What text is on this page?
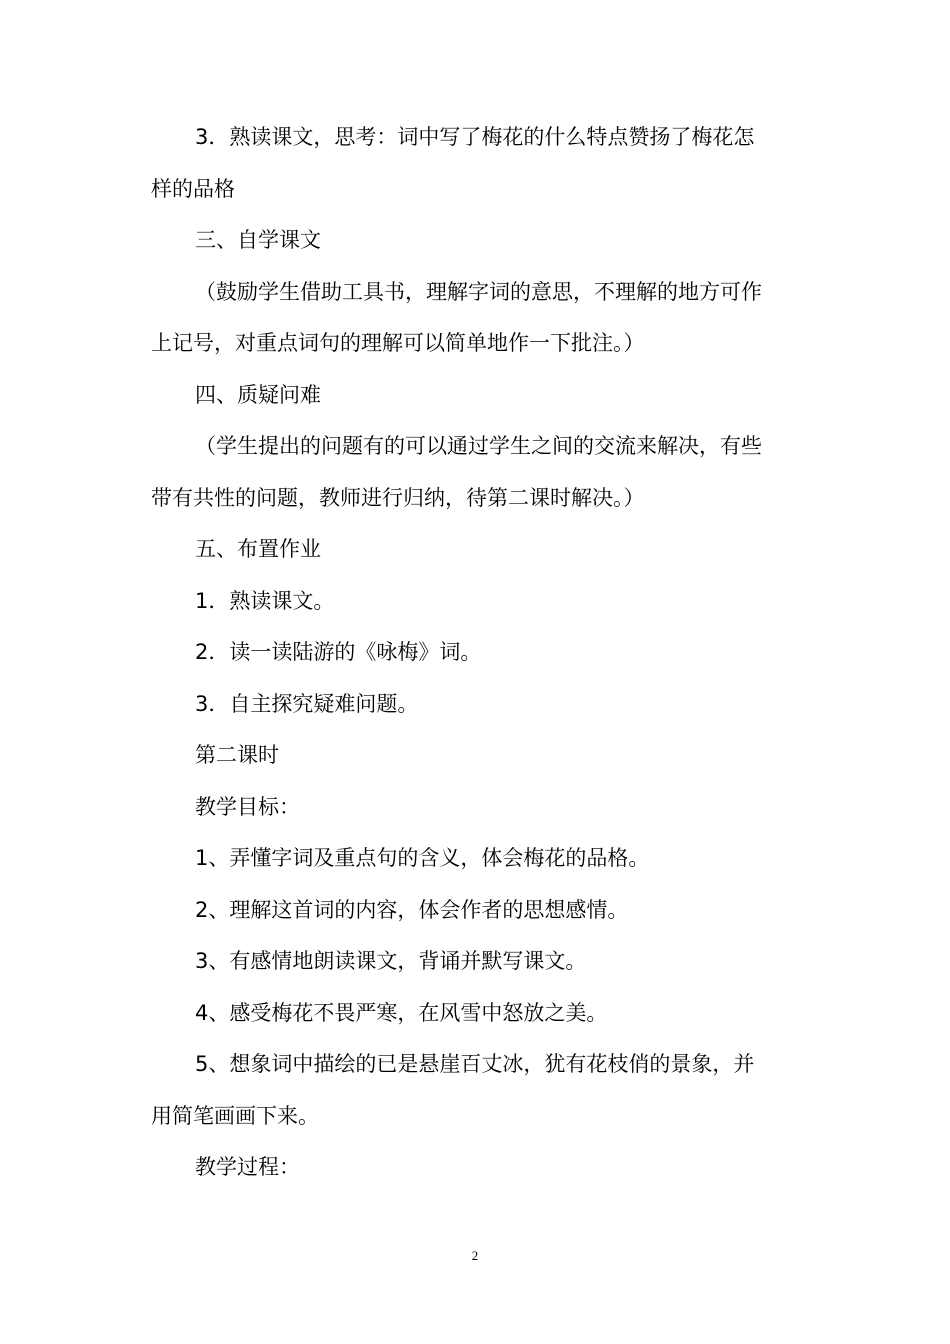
3．熟读课文，思考：词中写了梅花的什么特点赞扬了梅花怎
样的品格
三、自学课文
（鼓励学生借助工具书，理解字词的意思，不理解的地方可作
上记号，对重点词句的理解可以简单地作一下批注。）
四、质疑问难
（学生提出的问题有的可以通过学生之间的交流来解决，有些
带有共性的问题，教师进行归纳，待第二课时解决。）
五、布置作业
1．熟读课文。
2．读一读陆游的《咏梅》词。
3．自主探究疑难问题。
第二课时
教学目标：
1、弄懂字词及重点句的含义，体会梅花的品格。
2、理解这首词的内容，体会作者的思想感情。
3、有感情地朗读课文，背诵并默写课文。
4、感受梅花不畏严寒，在风雪中怒放之美。
5、想象词中描绘的已是悬崖百丈冰，犹有花枝俏的景象，并
用简笔画画下来。
教学过程：
2
